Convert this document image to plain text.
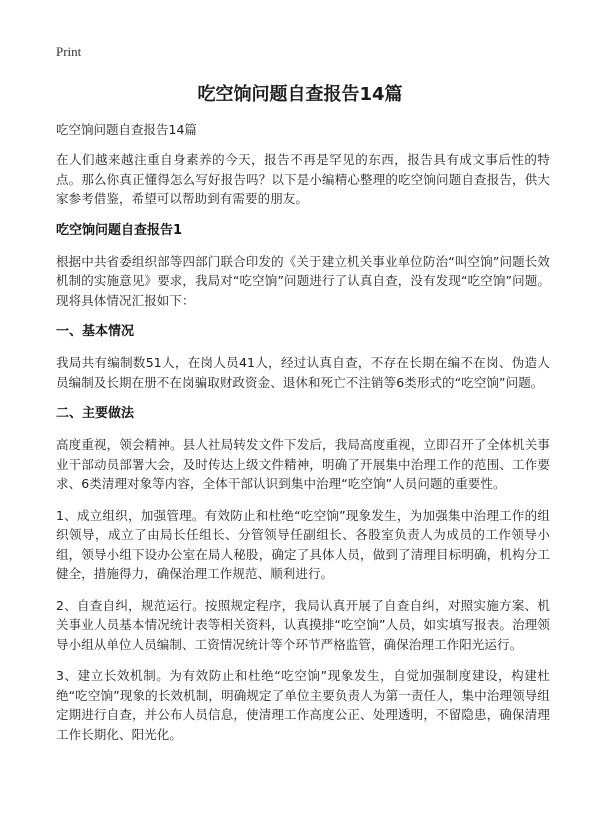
Print
吃空饷问题自查报告14篇
吃空饷问题自查报告14篇

在人们越来越注重自身素养的今天，报告不再是罕见的东西，报告具有成文事后性的特点。那么你真正懂得怎么写好报告吗？以下是小编精心整理的吃空饷问题自查报告，供大家参考借鉴，希望可以帮助到有需要的朋友。

吃空饷问题自查报告1

根据中共省委组织部等四部门联合印发的《关于建立机关事业单位防治“叫空饷”问题长效机制的实施意见》要求，我局对“吃空饷”问题进行了认真自查，没有发现“吃空饷”问题。现将具体情况汇报如下：

一、基本情况

我局共有编制数51人，在岗人员41人，经过认真自查，不存在长期在编不在岗、伪造人员编制及长期在册不在岗骗取财政资金、退休和死亡不注销等6类形式的“吃空饷”问题。

二、主要做法

高度重视，领会精神。县人社局转发文件下发后，我局高度重视，立即召开了全体机关事业干部动员部署大会，及时传达上级文件精神，明确了开展集中治理工作的范围、工作要求、6类清理对象等内容，全体干部认识到集中治理“吃空饷”人员问题的重要性。

1、成立组织，加强管理。有效防止和杜绝“吃空饷”现象发生，为加强集中治理工作的组织领导，成立了由局长任组长、分管领导任副组长、各股室负责人为成员的工作领导小组，领导小组下设办公室在局人秘股，确定了具体人员，做到了清理目标明确，机构分工健全，措施得力，确保治理工作规范、顺利进行。

2、自查自纠，规范运行。按照规定程序，我局认真开展了自查自纠，对照实施方案、机关事业人员基本情况统计表等相关资料，认真摸排“吃空饷”人员，如实填写报表。治理领导小组从单位人员编制、工资情况统计等个环节严格监管，确保治理工作阳光运行。

3、建立长效机制。为有效防止和杜绝“吃空饷”现象发生，自觉加强制度建设，构建杜绝“吃空饷”现象的长效机制，明确规定了单位主要负责人为第一责任人，集中治理领导组定期进行自查，并公布人员信息，使清理工作高度公正、处理透明，不留隐患，确保清理工作长期化、阳光化。
